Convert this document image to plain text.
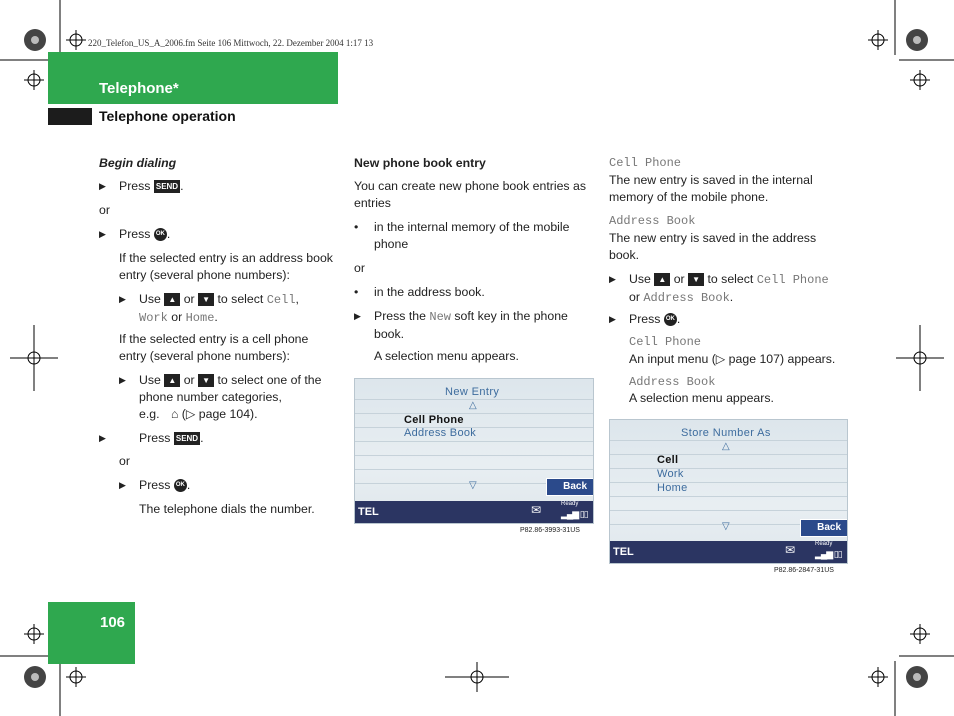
220_Telefon_US_A_2006.fm Seite 106 Mittwoch, 22. Dezember 2004 1:17 13
Telephone*
Telephone operation
106
Begin dialing
▶ Press SEND .
or
▶ Press OK .
If the selected entry is an address book entry (several phone numbers):
▶ Use ▲ or ▼ to select Cell,
Work or Home.
If the selected entry is a cell phone entry (several phone numbers):
▶ Use ▲ or ▼ to select one of the phone number categories,
e.g. ⌂ (▷ page 104).
▶	Press SEND .
or
▶ Press OK .
The telephone dials the number.
New phone book entry
You can create new phone book entries as entries
• in the internal memory of the mobile phone
or
• in the address book.
▶ Press the New soft key in the phone book.
A selection menu appears.
New Entry
△
Cell Phone
Address Book
▽	Back
TEL	✉	Ready
▂▄▆ ▯▯
P82.86-3993-31US
Cell Phone
The new entry is saved in the internal memory of the mobile phone.
Address Book
The new entry is saved in the address book.
▶ Use ▲ or ▼ to select Cell Phone
or Address Book.
▶ Press OK .
Cell Phone
An input menu (▷ page 107) appears.
Address Book
A selection menu appears.
Store Number As
△
Cell
Work
Home
▽	Back
TEL	✉	Ready
▂▄▆ ▯▯
P82.86-2847-31US
